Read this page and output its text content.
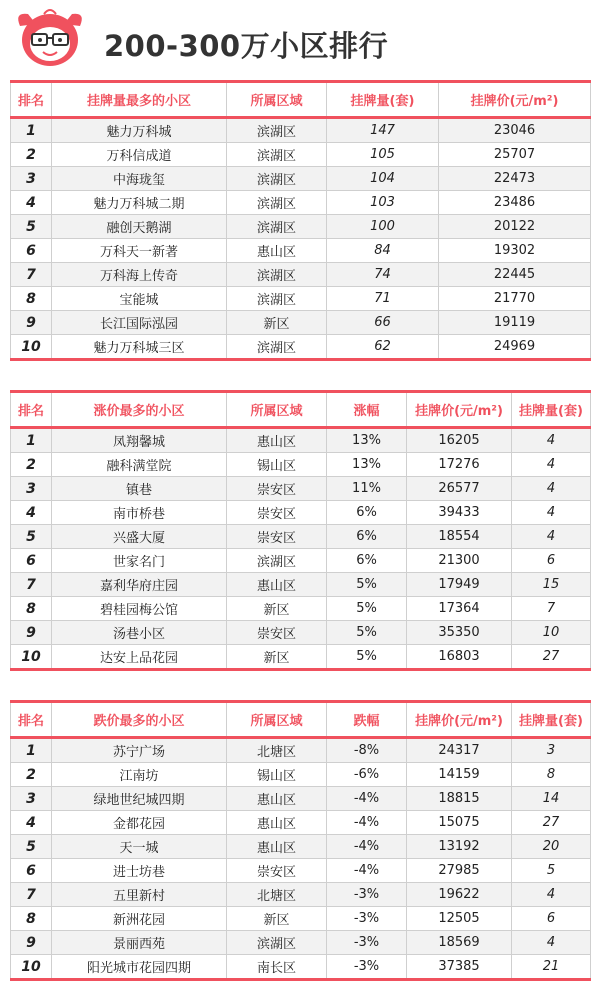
200-300万小区排行
排名	挂牌量最多的小区	所属区域	挂牌量(套)	挂牌价(元/m²)
1	魅力万科城	滨湖区	147	23046
2	万科信成道	滨湖区	105	25707
3	中海珑玺	滨湖区	104	22473
4	魅力万科城二期	滨湖区	103	23486
5	融创天鹅湖	滨湖区	100	20122
6	万科天一新著	惠山区	84	19302
7	万科海上传奇	滨湖区	74	22445
8	宝能城	滨湖区	71	21770
9	长江国际泓园	新区	66	19119
10	魅力万科城三区	滨湖区	62	24969
排名	涨价最多的小区	所属区域	涨幅	挂牌价(元/m²)	挂牌量(套)
1	凤翔馨城	惠山区	13%	16205	4
2	融科满堂院	锡山区	13%	17276	4
3	镇巷	崇安区	11%	26577	4
4	南市桥巷	崇安区	6%	39433	4
5	兴盛大厦	崇安区	6%	18554	4
6	世家名门	滨湖区	6%	21300	6
7	嘉利华府庄园	惠山区	5%	17949	15
8	碧桂园梅公馆	新区	5%	17364	7
9	汤巷小区	崇安区	5%	35350	10
10	达安上品花园	新区	5%	16803	27
排名	跌价最多的小区	所属区域	跌幅	挂牌价(元/m²)	挂牌量(套)
1	苏宁广场	北塘区	-8%	24317	3
2	江南坊	锡山区	-6%	14159	8
3	绿地世纪城四期	惠山区	-4%	18815	14
4	金都花园	惠山区	-4%	15075	27
5	天一城	惠山区	-4%	13192	20
6	进士坊巷	崇安区	-4%	27985	5
7	五里新村	北塘区	-3%	19622	4
8	新洲花园	新区	-3%	12505	6
9	景丽西苑	滨湖区	-3%	18569	4
10	阳光城市花园四期	南长区	-3%	37385	21
